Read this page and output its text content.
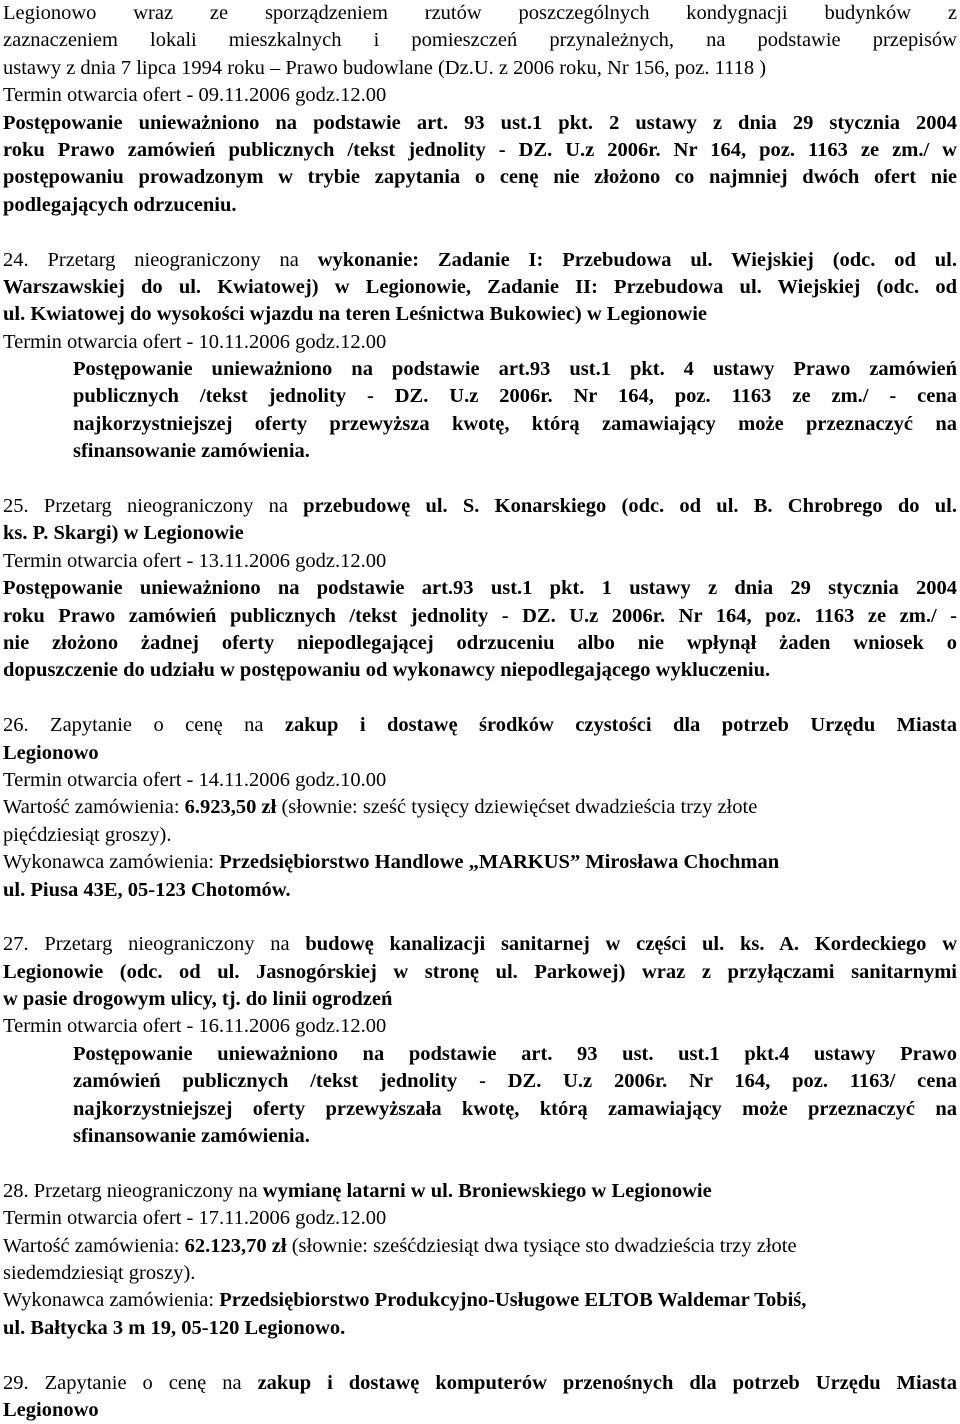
Legionowo wraz ze sporządzeniem rzutów poszczególnych kondygnacji budynków z
zaznaczeniem lokali mieszkalnych i pomieszczeń przynależnych, na podstawie przepisów
ustawy z dnia 7 lipca 1994 roku – Prawo budowlane (Dz.U. z 2006 roku, Nr 156, poz. 1118 )
Termin otwarcia ofert - 09.11.2006 godz.12.00
Postępowanie unieważniono na podstawie art. 93 ust.1 pkt. 2 ustawy z dnia 29 stycznia 2004
roku Prawo zamówień publicznych /tekst jednolity - DZ. U.z 2006r. Nr 164, poz. 1163 ze zm./ w
postępowaniu prowadzonym w trybie zapytania o cenę nie złożono co najmniej dwóch ofert nie
podlegających odrzuceniu.
24. Przetarg nieograniczony na wykonanie: Zadanie I: Przebudowa ul. Wiejskiej (odc. od ul.
Warszawskiej do ul. Kwiatowej) w Legionowie, Zadanie II: Przebudowa ul. Wiejskiej (odc. od
ul. Kwiatowej do wysokości wjazdu na teren Leśnictwa Bukowiec) w Legionowie
Termin otwarcia ofert - 10.11.2006 godz.12.00
Postępowanie unieważniono na podstawie art.93 ust.1 pkt. 4 ustawy Prawo zamówień
publicznych /tekst jednolity - DZ. U.z 2006r. Nr 164, poz. 1163 ze zm./ - cena
najkorzystniejszej oferty przewyższa kwotę, którą zamawiający może przeznaczyć na
sfinansowanie zamówienia.
25. Przetarg nieograniczony na przebudowę ul. S. Konarskiego (odc. od ul. B. Chrobrego do ul.
ks. P. Skargi) w Legionowie
Termin otwarcia ofert - 13.11.2006 godz.12.00
Postępowanie unieważniono na podstawie art.93 ust.1 pkt. 1 ustawy z dnia 29 stycznia 2004
roku Prawo zamówień publicznych /tekst jednolity - DZ. U.z 2006r. Nr 164, poz. 1163 ze zm./ -
nie złożono żadnej oferty niepodlegającej odrzuceniu albo nie wpłynął żaden wniosek o
dopuszczenie do udziału w postępowaniu od wykonawcy niepodlegającego wykluczeniu.
26. Zapytanie o cenę na zakup i dostawę środków czystości dla potrzeb Urzędu Miasta
Legionowo
Termin otwarcia ofert - 14.11.2006 godz.10.00
Wartość zamówienia: 6.923,50 zł (słownie: sześć tysięcy dziewięćset dwadzieścia trzy złote
pięćdziesiąt groszy).
Wykonawca zamówienia: Przedsiębiorstwo Handlowe „MARKUS” Mirosława Chochman
ul. Piusa 43E, 05-123 Chotomów.
27. Przetarg nieograniczony na budowę kanalizacji sanitarnej w części ul. ks. A. Kordeckiego w
Legionowie (odc. od ul. Jasnogórskiej w stronę ul. Parkowej) wraz z przyłączami sanitarnymi
w pasie drogowym ulicy, tj. do linii ogrodzeń
Termin otwarcia ofert - 16.11.2006 godz.12.00
Postępowanie unieważniono na podstawie art. 93 ust. ust.1 pkt.4 ustawy Prawo
zamówień publicznych /tekst jednolity - DZ. U.z 2006r. Nr 164, poz. 1163/ cena
najkorzystniejszej oferty przewyższała kwotę, którą zamawiający może przeznaczyć na
sfinansowanie zamówienia.
28. Przetarg nieograniczony na wymianę latarni w ul. Broniewskiego w Legionowie
Termin otwarcia ofert - 17.11.2006 godz.12.00
Wartość zamówienia: 62.123,70 zł (słownie: sześćdziesiąt dwa tysiące sto dwadzieścia trzy złote
siedemdziesiąt groszy).
Wykonawca zamówienia: Przedsiębiorstwo Produkcyjno-Usługowe ELTOB Waldemar Tobiś,
ul. Bałtycka 3 m 19, 05-120 Legionowo.
29. Zapytanie o cenę na zakup i dostawę komputerów przenośnych dla potrzeb Urzędu Miasta
Legionowo
